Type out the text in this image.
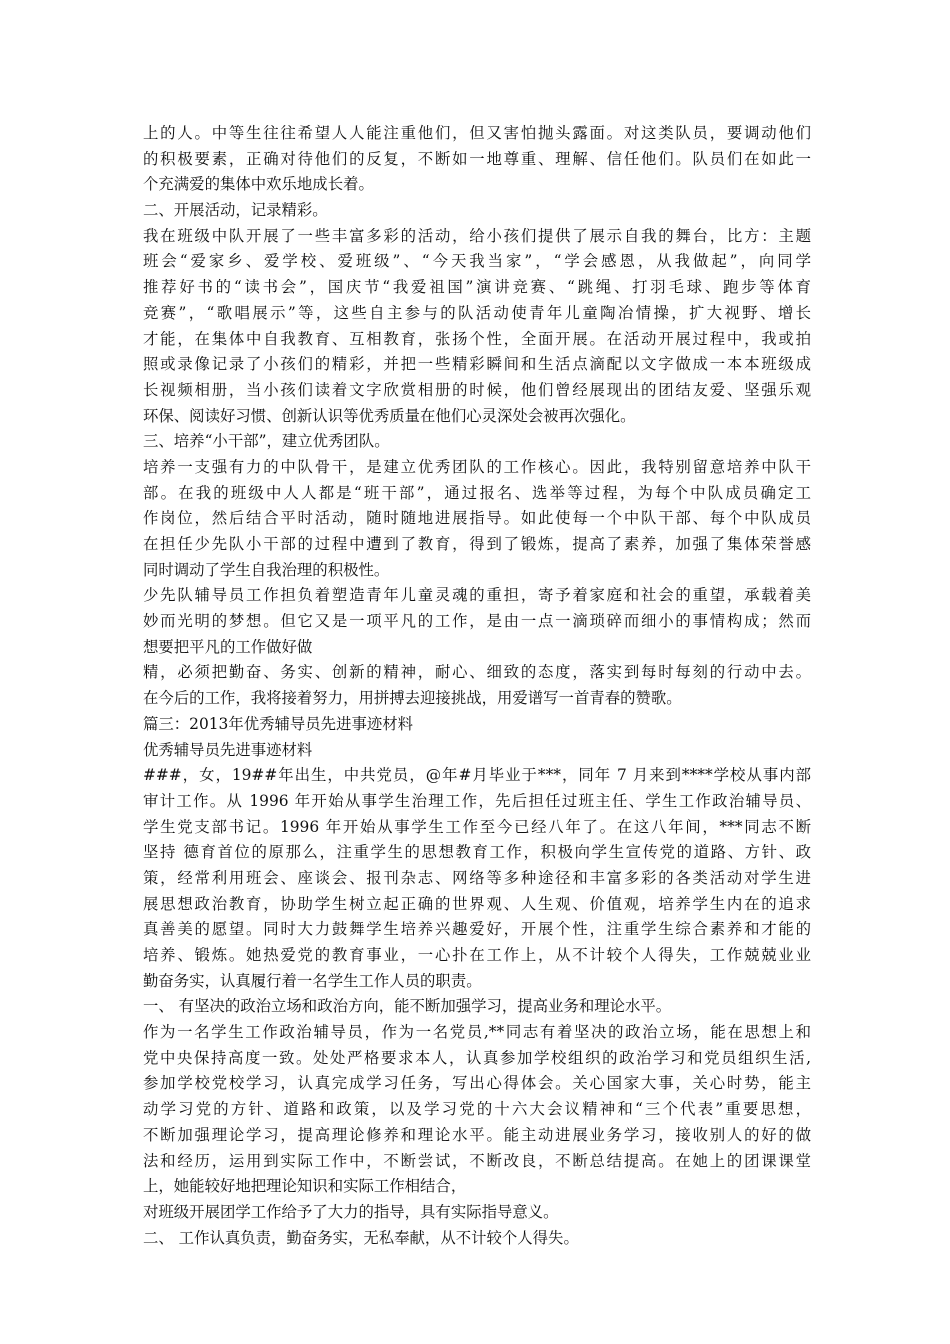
上的人。中等生往往希望人人能注重他们，但又害怕抛头露面。对这类队员，要调动他们
的积极要素，正确对待他们的反复，不断如一地尊重、理解、信任他们。队员们在如此一
个充满爱的集体中欢乐地成长着。
二、开展活动，记录精彩。
我在班级中队开展了一些丰富多彩的活动，给小孩们提供了展示自我的舞台，比方：主题
班会“爱家乡、爱学校、爱班级”、“今天我当家”，“学会感恩，从我做起”，向同学
推荐好书的“读书会”，国庆节“我爱祖国”演讲竞赛、“跳绳、打羽毛球、跑步等体育
竞赛”，“歌唱展示”等，这些自主参与的队活动使青年儿童陶冶情操，扩大视野、增长
才能，在集体中自我教育、互相教育，张扬个性，全面开展。在活动开展过程中，我或拍
照或录像记录了小孩们的精彩，并把一些精彩瞬间和生活点滴配以文字做成一本本班级成
长视频相册，当小孩们读着文字欣赏相册的时候，他们曾经展现出的团结友爱、坚强乐观
环保、阅读好习惯、创新认识等优秀质量在他们心灵深处会被再次强化。
三、培养“小干部”，建立优秀团队。
培养一支强有力的中队骨干，是建立优秀团队的工作核心。因此，我特别留意培养中队干
部。在我的班级中人人都是“班干部”，通过报名、选举等过程，为每个中队成员确定工
作岗位，然后结合平时活动，随时随地进展指导。如此使每一个中队干部、每个中队成员
在担任少先队小干部的过程中遭到了教育，得到了锻炼，提高了素养，加强了集体荣誉感
同时调动了学生自我治理的积极性。
少先队辅导员工作担负着塑造青年儿童灵魂的重担，寄予着家庭和社会的重望，承载着美
妙而光明的梦想。但它又是一项平凡的工作，是由一点一滴琐碎而细小的事情构成；然而
想要把平凡的工作做好做
精，必须把勤奋、务实、创新的精神，耐心、细致的态度，落实到每时每刻的行动中去。
在今后的工作，我将接着努力，用拼搏去迎接挑战，用爱谱写一首青春的赞歌。
篇三：2013年优秀辅导员先进事迹材料
优秀辅导员先进事迹材料
###，女，19##年出生，中共党员，@年#月毕业于***，同年 7 月来到****学校从事内部
审计工作。从 1996 年开始从事学生治理工作，先后担任过班主任、学生工作政治辅导员、
学生党支部书记。1996 年开始从事学生工作至今已经八年了。在这八年间，***同志不断
坚持 德育首位的原那么，注重学生的思想教育工作，积极向学生宣传党的道路、方针、政
策，经常利用班会、座谈会、报刊杂志、网络等多种途径和丰富多彩的各类活动对学生进
展思想政治教育，协助学生树立起正确的世界观、人生观、价值观，培养学生内在的追求
真善美的愿望。同时大力鼓舞学生培养兴趣爱好，开展个性，注重学生综合素养和才能的
培养、锻炼。她热爱党的教育事业，一心扑在工作上，从不计较个人得失，工作兢兢业业
勤奋务实，认真履行着一名学生工作人员的职责。
一、 有坚决的政治立场和政治方向，能不断加强学习，提高业务和理论水平。
作为一名学生工作政治辅导员，作为一名党员,**同志有着坚决的政治立场，能在思想上和
党中央保持高度一致。处处严格要求本人，认真参加学校组织的政治学习和党员组织生活,
参加学校党校学习，认真完成学习任务，写出心得体会。关心国家大事，关心时势，能主
动学习党的方针、道路和政策，以及学习党的十六大会议精神和“三个代表”重要思想，
不断加强理论学习，提高理论修养和理论水平。能主动进展业务学习，接收别人的好的做
法和经历，运用到实际工作中，不断尝试，不断改良，不断总结提高。在她上的团课课堂
上，她能较好地把理论知识和实际工作相结合，
对班级开展团学工作给予了大力的指导，具有实际指导意义。
二、 工作认真负责，勤奋务实，无私奉献，从不计较个人得失。
